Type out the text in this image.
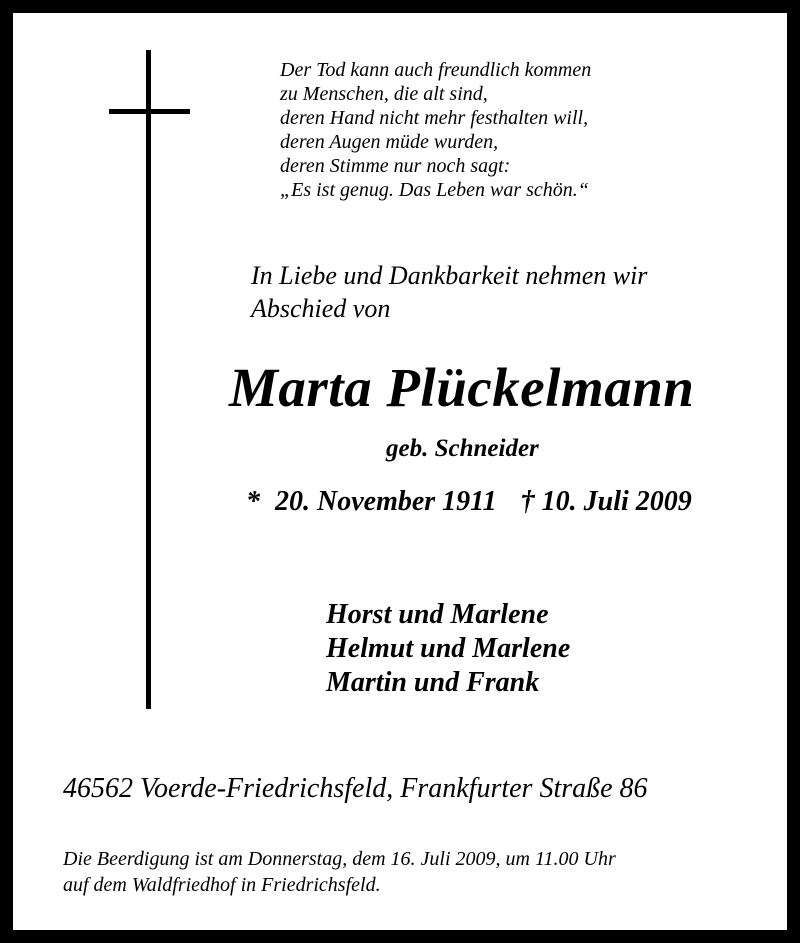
Der Tod kann auch freundlich kommen
zu Menschen, die alt sind,
deren Hand nicht mehr festhalten will,
deren Augen müde wurden,
deren Stimme nur noch sagt:
„Es ist genug. Das Leben war schön.“
In Liebe und Dankbarkeit nehmen wir
Abschied von
Marta Plückelmann
geb. Schneider
* 20. November 1911 † 10. Juli 2009
Horst und Marlene
Helmut und Marlene
Martin und Frank
46562 Voerde-Friedrichsfeld, Frankfurter Straße 86
Die Beerdigung ist am Donnerstag, dem 16. Juli 2009, um 11.00 Uhr
auf dem Waldfriedhof in Friedrichsfeld.
